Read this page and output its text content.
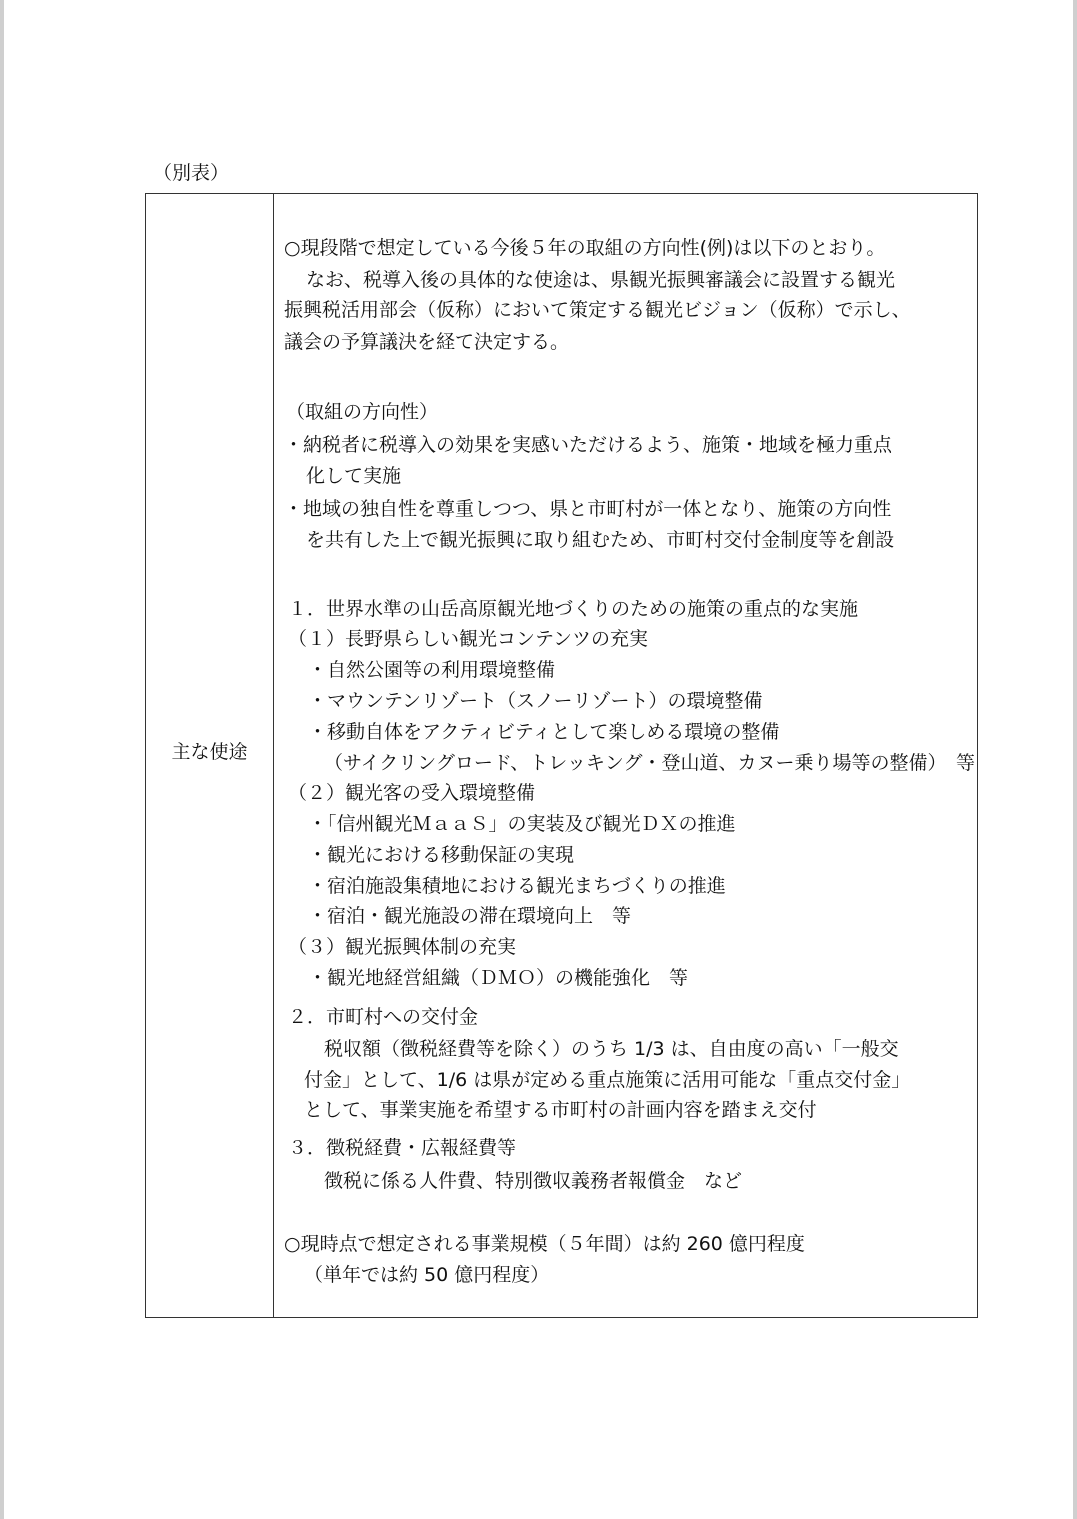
（別表）
主な使途
○現段階で想定している今後５年の取組の方向性(例)は以下のとおり。
なお、税導入後の具体的な使途は、県観光振興審議会に設置する観光
振興税活用部会（仮称）において策定する観光ビジョン（仮称）で示し、
議会の予算議決を経て決定する。
（取組の方向性）
・納税者に税導入の効果を実感いただけるよう、施策・地域を極力重点
化して実施
・地域の独自性を尊重しつつ、県と市町村が一体となり、施策の方向性
を共有した上で観光振興に取り組むため、市町村交付金制度等を創設
１．世界水準の山岳高原観光地づくりのための施策の重点的な実施
（１）長野県らしい観光コンテンツの充実
・自然公園等の利用環境整備
・マウンテンリゾート（スノーリゾート）の環境整備
・移動自体をアクティビティとして楽しめる環境の整備
（サイクリングロード、トレッキング・登山道、カヌー乗り場等の整備）　等
（２）観光客の受入環境整備
・「信州観光ＭａａＳ」の実装及び観光ＤＸの推進
・観光における移動保証の実現
・宿泊施設集積地における観光まちづくりの推進
・宿泊・観光施設の滞在環境向上　等
（３）観光振興体制の充実
・観光地経営組織（ＤＭＯ）の機能強化　等
２．市町村への交付金
税収額（徴税経費等を除く）のうち 1/3 は、自由度の高い「一般交
付金」として、1/6 は県が定める重点施策に活用可能な「重点交付金」
として、事業実施を希望する市町村の計画内容を踏まえ交付
３．徴税経費・広報経費等
徴税に係る人件費、特別徴収義務者報償金　など
○現時点で想定される事業規模（５年間）は約 260 億円程度
（単年では約 50 億円程度）
